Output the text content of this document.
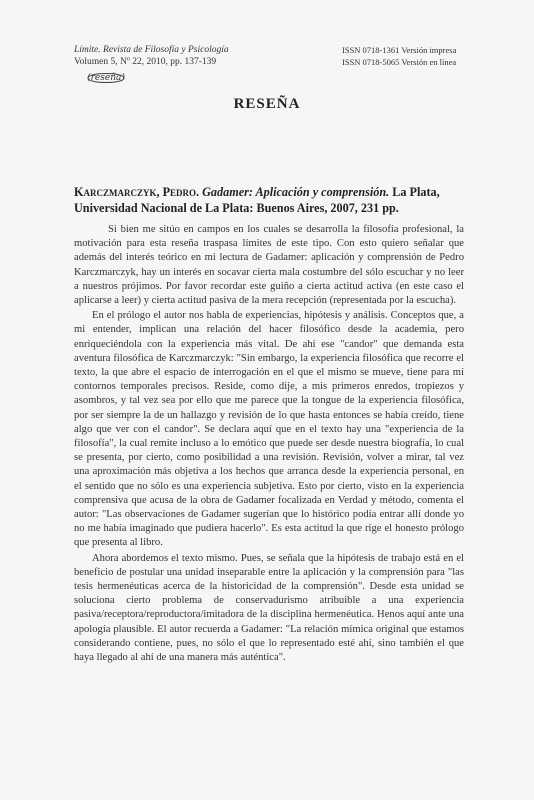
Límite. Revista de Filosofía y Psicología
Volumen 5, Nº 22, 2010, pp. 137-139
ISSN 0718-1361 Versión impresa
ISSN 0718-5065 Versión en línea
(reseña)
RESEÑA
Karczmarczyk, Pedro. Gadamer: Aplicación y comprensión. La Plata, Universidad Nacional de La Plata: Buenos Aires, 2007, 231 pp.

Si bien me sitúo en campos en los cuales se desarrolla la filosofía profesional, la motivación para esta reseña traspasa límites de este tipo. Con esto quiero señalar que además del interés teórico en mi lectura de Gadamer: aplicación y comprensión de Pedro Karczmarczyk, hay un interés en socavar cierta mala costumbre del sólo escuchar y no leer a nuestros prójimos. Por favor recordar este guiño a cierta actitud activa (en este caso el aplicarse a leer) y cierta actitud pasiva de la mera recepción (representada por la escucha).

En el prólogo el autor nos habla de experiencias, hipótesis y análisis. Conceptos que, a mi entender, implican una relación del hacer filosófico desde la academia, pero enriqueciéndola con la experiencia más vital. De ahí ese "candor" que demanda esta aventura filosófica de Karczmarczyk: "Sin embargo, la experiencia filosófica que recorre el texto, la que abre el espacio de interrogación en el que el mismo se mueve, tiene para mí contornos temporales precisos. Reside, como dije, a mis primeros enredos, tropiezos y asombros, y tal vez sea por ello que me parece que la tongue de la experiencia filosófica, por ser siempre la de un hallazgo y revisión de lo que hasta entonces se había creído, tiene algo que ver con el candor". Se declara aquí que en el texto hay una "experiencia de la filosofía", la cual remite incluso a lo emótico que puede ser desde nuestra biografía, lo cual se presenta, por cierto, como posibilidad a una revisión. Revisión, volver a mirar, tal vez una aproximación más objetiva a los hechos que arranca desde la experiencia personal, en el sentido que no sólo es una experiencia subjetiva. Esto por cierto, visto en la experiencia comprensiva que acusa de la obra de Gadamer focalizada en Verdad y método, comenta el autor: "Las observaciones de Gadamer sugerían que lo histórico podía entrar allí donde yo no me había imaginado que pudiera hacerlo". Es esta actitud la que rige el honesto prólogo que presenta al libro.

Ahora abordemos el texto mismo. Pues, se señala que la hipótesis de trabajo está en el beneficio de postular una unidad inseparable entre la aplicación y la comprensión para "las tesis hermenéuticas acerca de la historicidad de la comprensión". Desde esta unidad se soluciona cierto problema de conservadurismo atribuible a una experiencia pasiva/receptora/reproductora/imitadora de la disciplina hermenéutica. Henos aquí ante una apología plausible. El autor recuerda a Gadamer: "La relación mímica original que estamos considerando contiene, pues, no sólo el que lo representado esté ahí, sino también el que haya llegado al ahí de una manera más auténtica".
